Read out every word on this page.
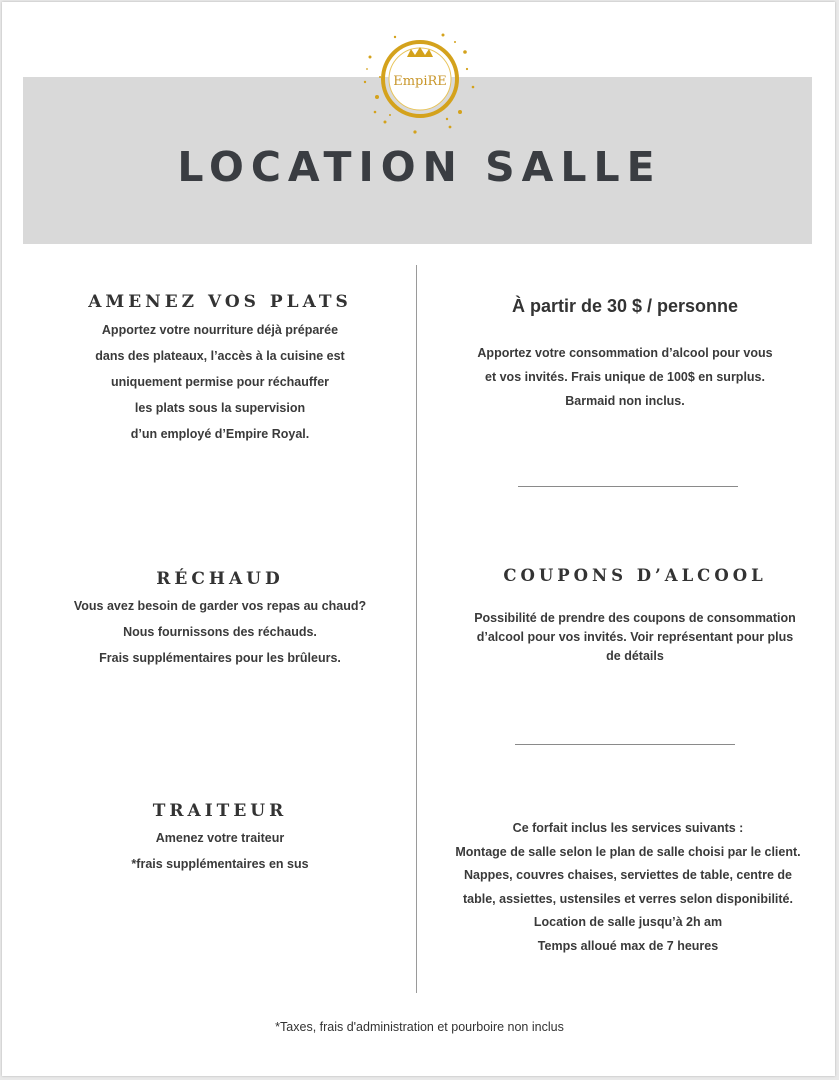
EmpiRE
LOCATION SALLE
AMENEZ VOS PLATS
Apportez votre nourriture déjà préparée
dans des plateaux, l’accès à la cuisine est
uniquement permise pour réchauffer
les plats sous la supervision
d’un employé d’Empire Royal.
RÉCHAUD
Vous avez besoin de garder vos repas au chaud?
Nous fournissons des réchauds.
Frais supplémentaires pour les brûleurs.
TRAITEUR
Amenez votre traiteur
*frais supplémentaires en sus
À partir de 30 $ / personne
Apportez votre consommation d’alcool pour vous
et vos invités. Frais unique de 100$ en surplus.
Barmaid non inclus.
COUPONS D’ALCOOL
Possibilité de prendre des coupons de consommation
d’alcool pour vos invités. Voir représentant pour plus
de détails
Ce forfait inclus les services suivants :
Montage de salle selon le plan de salle choisi par le client.
Nappes, couvres chaises, serviettes de table, centre de
table, assiettes, ustensiles et verres selon disponibilité.
Location de salle jusqu’à 2h am
Temps alloué max de 7 heures
*Taxes, frais d'administration et pourboire non inclus
